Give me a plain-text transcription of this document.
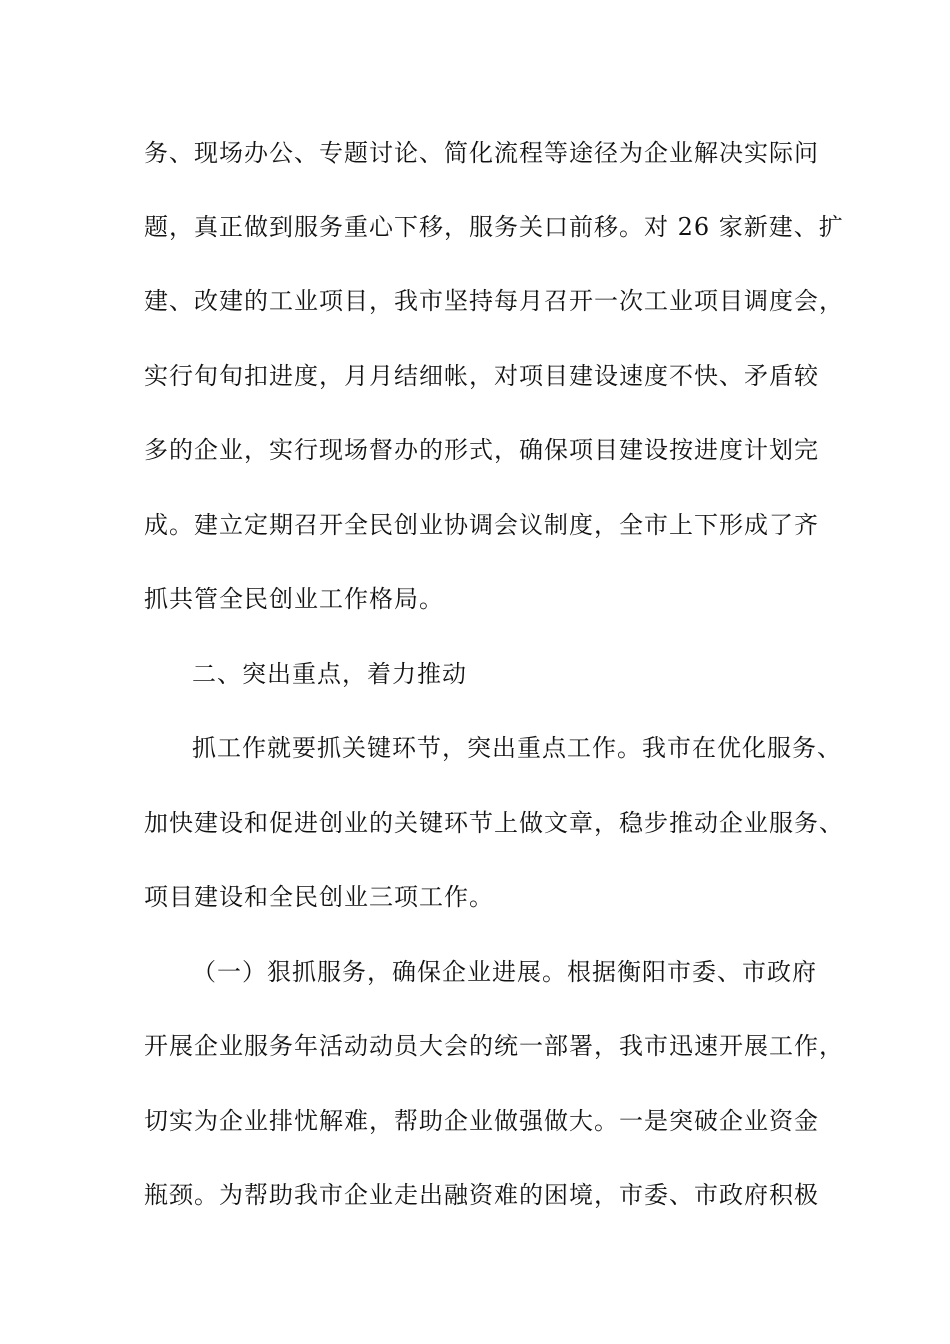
务、现场办公、专题讨论、简化流程等途径为企业解决实际问
题，真正做到服务重心下移，服务关口前移。对 26 家新建、扩
建、改建的工业项目，我市坚持每月召开一次工业项目调度会，
实行旬旬扣进度，月月结细帐，对项目建设速度不快、矛盾较
多的企业，实行现场督办的形式，确保项目建设按进度计划完
成。建立定期召开全民创业协调会议制度，全市上下形成了齐
抓共管全民创业工作格局。
二、突出重点，着力推动
抓工作就要抓关键环节，突出重点工作。我市在优化服务、
加快建设和促进创业的关键环节上做文章，稳步推动企业服务、
项目建设和全民创业三项工作。
（一）狠抓服务，确保企业进展。根据衡阳市委、市政府
开展企业服务年活动动员大会的统一部署，我市迅速开展工作，
切实为企业排忧解难，帮助企业做强做大。一是突破企业资金
瓶颈。为帮助我市企业走出融资难的困境，市委、市政府积极
